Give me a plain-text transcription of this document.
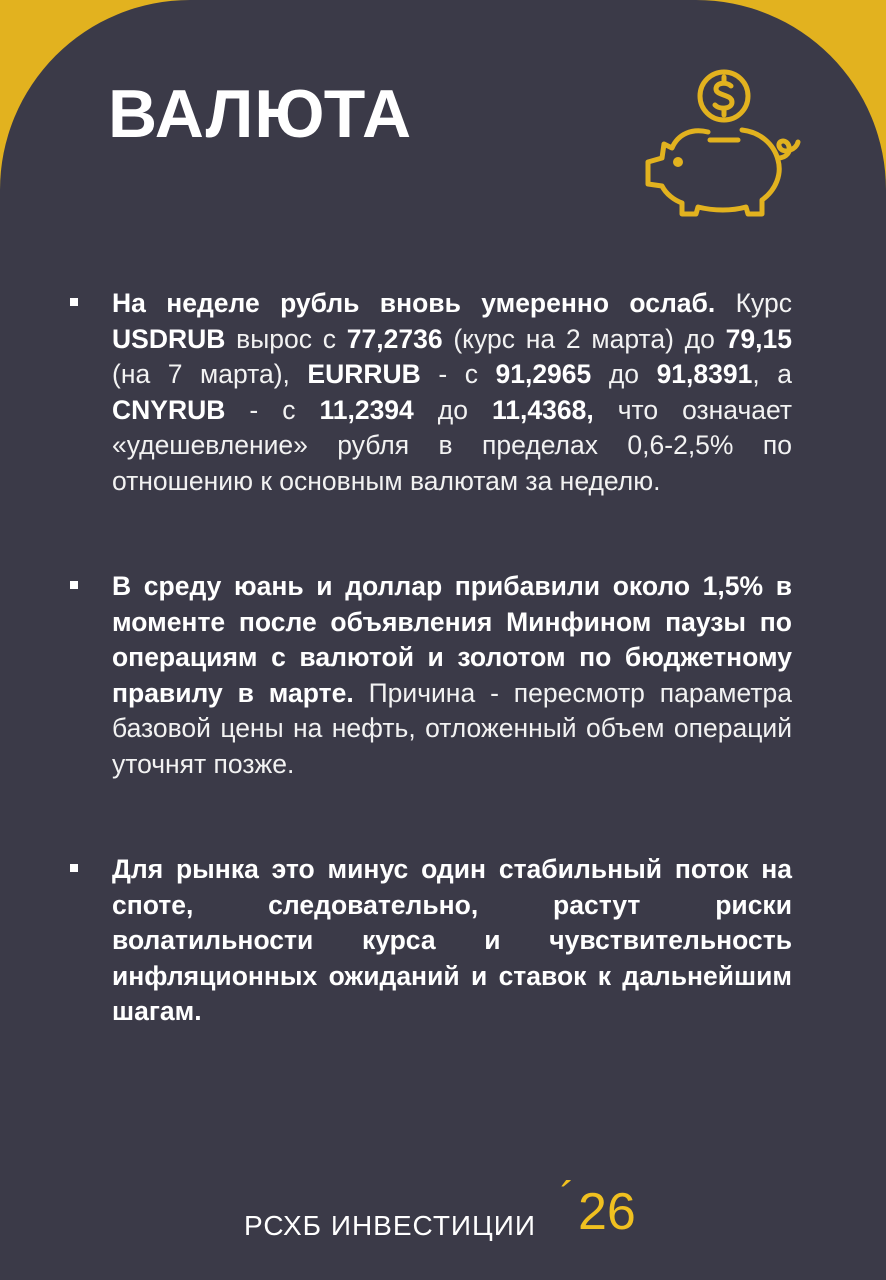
ВАЛЮТА
На неделе рубль вновь умеренно ослаб. Курс USDRUB вырос с 77,2736 (курс на 2 марта) до 79,15 (на 7 марта), EURRUB - с 91,2965 до 91,8391, а CNYRUB - с 11,2394 до 11,4368, что означает «удешевление» рубля в пределах 0,6-2,5% по отношению к основным валютам за неделю.
В среду юань и доллар прибавили около 1,5% в моменте после объявления Минфином паузы по операциям с валютой и золотом по бюджетному правилу в марте. Причина - пересмотр параметра базовой цены на нефть, отложенный объем операций уточнят позже.
Для рынка это минус один стабильный поток на споте, следовательно, растут риски волатильности курса и чувствительность инфляционных ожиданий и ставок к дальнейшим шагам.
РСХБ ИНВЕСТИЦИИ
´ 26
